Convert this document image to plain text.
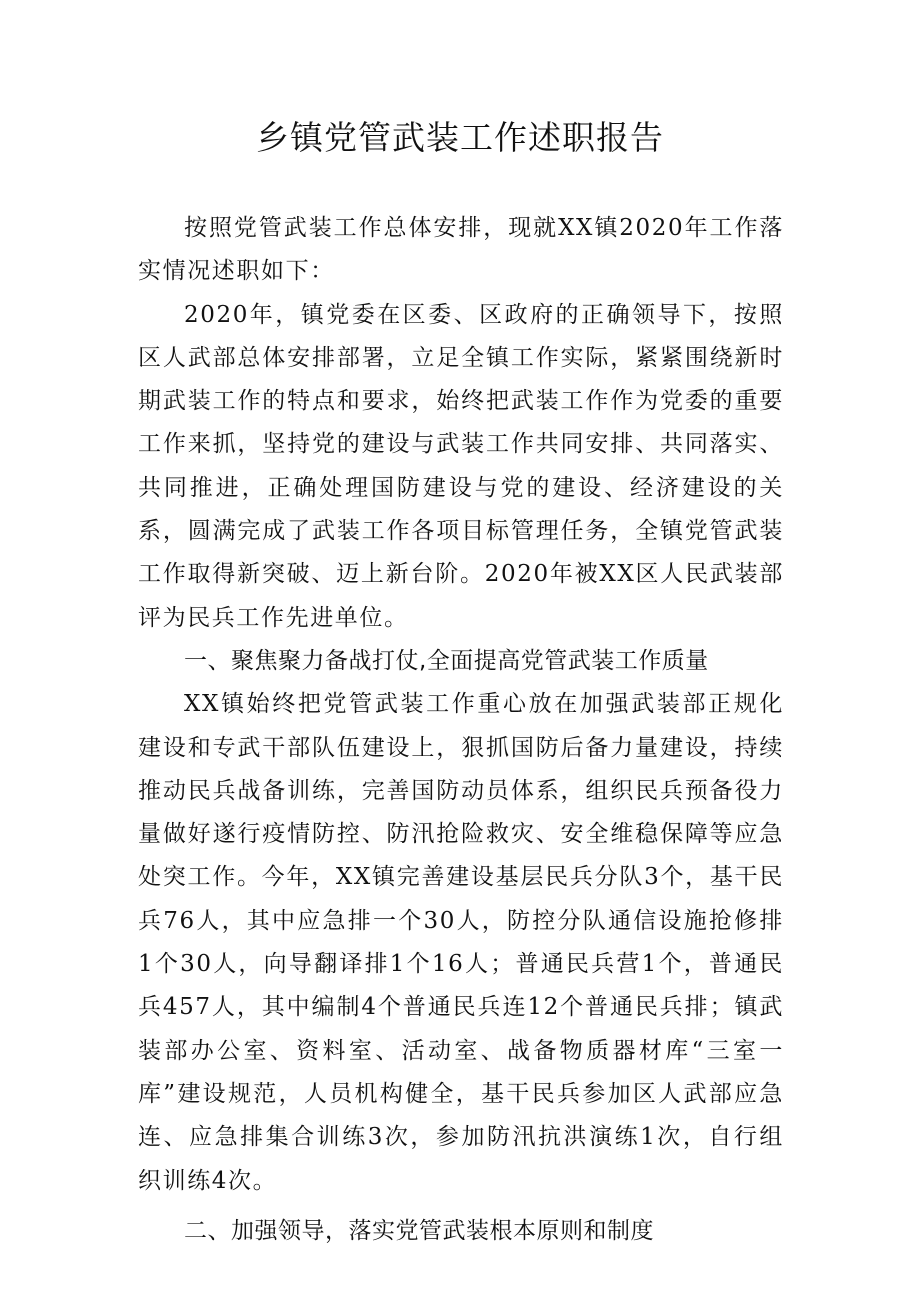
乡镇党管武装工作述职报告

按照党管武装工作总体安排，现就XX镇2020年工作落实情况述职如下：

2020年，镇党委在区委、区政府的正确领导下，按照区人武部总体安排部署，立足全镇工作实际，紧紧围绕新时期武装工作的特点和要求，始终把武装工作作为党委的重要工作来抓，坚持党的建设与武装工作共同安排、共同落实、共同推进，正确处理国防建设与党的建设、经济建设的关系，圆满完成了武装工作各项目标管理任务，全镇党管武装工作取得新突破、迈上新台阶。2020年被XX区人民武装部评为民兵工作先进单位。

一、聚焦聚力备战打仗,全面提高党管武装工作质量

XX镇始终把党管武装工作重心放在加强武装部正规化建设和专武干部队伍建设上，狠抓国防后备力量建设，持续推动民兵战备训练，完善国防动员体系，组织民兵预备役力量做好遂行疫情防控、防汛抢险救灾、安全维稳保障等应急处突工作。今年，XX镇完善建设基层民兵分队3个，基干民兵76人，其中应急排一个30人，防控分队通信设施抢修排1个30人，向导翻译排1个16人；普通民兵营1个，普通民兵457人，其中编制4个普通民兵连12个普通民兵排；镇武装部办公室、资料室、活动室、战备物质器材库“三室一库”建设规范，人员机构健全，基干民兵参加区人武部应急连、应急排集合训练3次，参加防汛抗洪演练1次，自行组织训练4次。

二、加强领导，落实党管武装根本原则和制度
